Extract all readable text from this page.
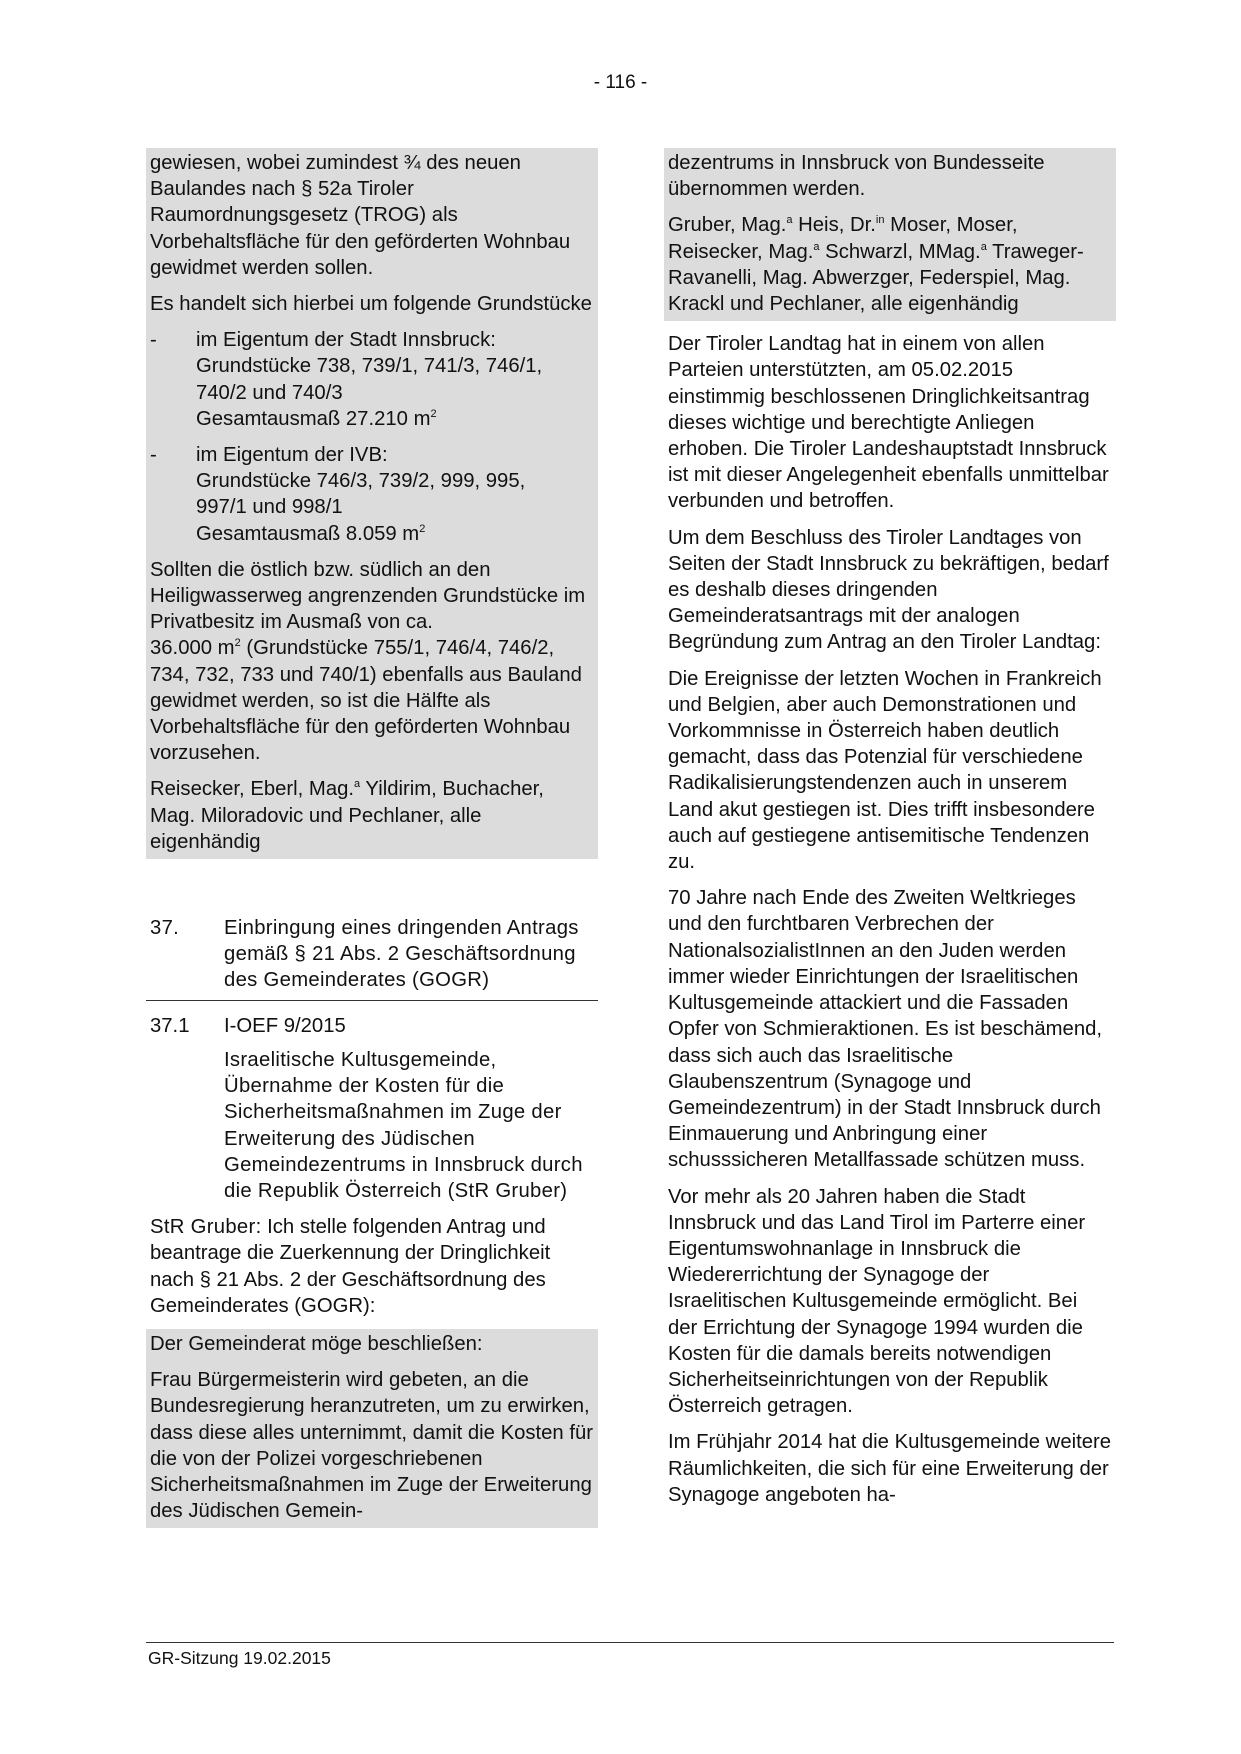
- 116 -

gewiesen, wobei zumindest ¾ des neuen Baulandes nach § 52a Tiroler Raumordnungsgesetz (TROG) als Vorbehaltsfläche für den geförderten Wohnbau gewidmet werden sollen.

Es handelt sich hierbei um folgende Grundstücke

-	im Eigentum der Stadt Innsbruck:
Grundstücke 738, 739/1, 741/3, 746/1,
740/2 und 740/3
Gesamtausmaß 27.210 $m^2$
-	im Eigentum der IVB:
Grundstücke 746/3, 739/2, 999, 995,
997/1 und 998/1
Gesamtausmaß 8.059 $m^2$

Sollten die östlich bzw. südlich an den Heiligwasserweg angrenzenden Grundstücke im Privatbesitz im Ausmaß von ca.
36.000 $m^2$ (Grundstücke 755/1, 746/4, 746/2, 734, 732, 733 und 740/1) ebenfalls aus Bauland gewidmet werden, so ist die Hälfte als Vorbehaltsfläche für den geförderten Wohnbau vorzusehen.

Reisecker, Eberl, Mag.$^a$ Yildirim, Buchacher, Mag. Miloradovic und Pechlaner, alle eigenhändig

37.	Einbringung eines dringenden Antrags gemäß § 21 Abs. 2 Geschäftsordnung des Gemeinderates (GOGR)
37.1	I-OEF 9/2015
Israelitische Kultusgemeinde, Übernahme der Kosten für die Sicherheitsmaßnahmen im Zuge der Erweiterung des Jüdischen Gemeindezentrums in Innsbruck durch die Republik Österreich (StR Gruber)

StR Gruber: Ich stelle folgenden Antrag und beantrage die Zuerkennung der Dringlichkeit nach § 21 Abs. 2 der Geschäftsordnung des Gemeinderates (GOGR):

Der Gemeinderat möge beschließen:

Frau Bürgermeisterin wird gebeten, an die Bundesregierung heranzutreten, um zu erwirken, dass diese alles unternimmt, damit die Kosten für die von der Polizei vorgeschriebenen Sicherheitsmaßnahmen im Zuge der Erweiterung des Jüdischen Gemein-

dezentrums in Innsbruck von Bundesseite übernommen werden.

Gruber, Mag.$^a$ Heis, Dr.$^{in}$ Moser, Moser, Reisecker, Mag.$^a$ Schwarzl, MMag.$^a$ Traweger-Ravanelli, Mag. Abwerzger, Federspiel, Mag. Krackl und Pechlaner, alle eigenhändig

Der Tiroler Landtag hat in einem von allen Parteien unterstützten, am 05.02.2015 einstimmig beschlossenen Dringlichkeitsantrag dieses wichtige und berechtigte Anliegen erhoben. Die Tiroler Landeshauptstadt Innsbruck ist mit dieser Angelegenheit ebenfalls unmittelbar verbunden und betroffen.

Um dem Beschluss des Tiroler Landtages von Seiten der Stadt Innsbruck zu bekräftigen, bedarf es deshalb dieses dringenden Gemeinderatsantrags mit der analogen Begründung zum Antrag an den Tiroler Landtag:

Die Ereignisse der letzten Wochen in Frankreich und Belgien, aber auch Demonstrationen und Vorkommnisse in Österreich haben deutlich gemacht, dass das Potenzial für verschiedene Radikalisierungstendenzen auch in unserem Land akut gestiegen ist. Dies trifft insbesondere auch auf gestiegene antisemitische Tendenzen zu.

70 Jahre nach Ende des Zweiten Weltkrieges und den furchtbaren Verbrechen der NationalsozialistInnen an den Juden werden immer wieder Einrichtungen der Israelitischen Kultusgemeinde attackiert und die Fassaden Opfer von Schmieraktionen. Es ist beschämend, dass sich auch das Israelitische Glaubenszentrum (Synagoge und Gemeindezentrum) in der Stadt Innsbruck durch Einmauerung und Anbringung einer schusssicheren Metallfassade schützen muss.

Vor mehr als 20 Jahren haben die Stadt Innsbruck und das Land Tirol im Parterre einer Eigentumswohnanlage in Innsbruck die Wiedererrichtung der Synagoge der Israelitischen Kultusgemeinde ermöglicht. Bei der Errichtung der Synagoge 1994 wurden die Kosten für die damals bereits notwendigen Sicherheitseinrichtungen von der Republik Österreich getragen.

Im Frühjahr 2014 hat die Kultusgemeinde weitere Räumlichkeiten, die sich für eine Erweiterung der Synagoge angeboten ha-

GR-Sitzung 19.02.2015
